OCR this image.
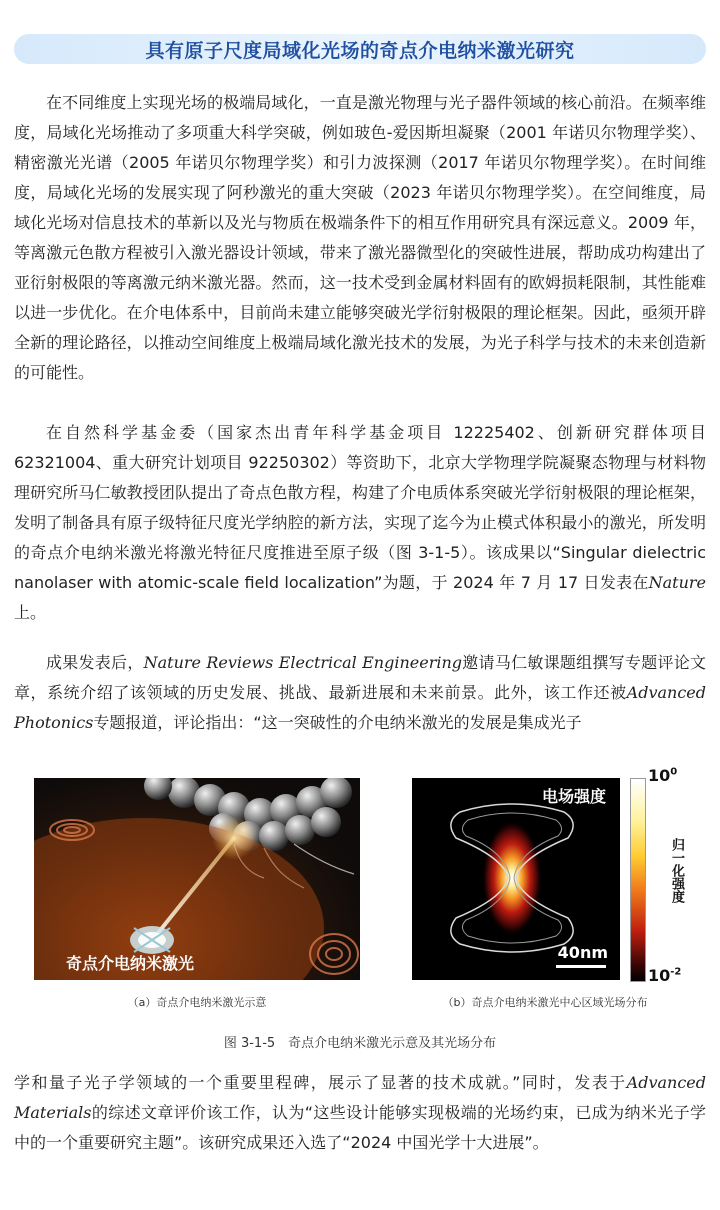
具有原子尺度局域化光场的奇点介电纳米激光研究

在不同维度上实现光场的极端局域化，一直是激光物理与光子器件领域的核心前沿。在频率维度，局域化光场推动了多项重大科学突破，例如玻色-爱因斯坦凝聚（2001 年诺贝尔物理学奖）、精密激光光谱（2005 年诺贝尔物理学奖）和引力波探测（2017 年诺贝尔物理学奖）。在时间维度，局域化光场的发展实现了阿秒激光的重大突破（2023 年诺贝尔物理学奖）。在空间维度，局域化光场对信息技术的革新以及光与物质在极端条件下的相互作用研究具有深远意义。2009 年，等离激元色散方程被引入激光器设计领域，带来了激光器微型化的突破性进展，帮助成功构建出了亚衍射极限的等离激元纳米激光器。然而，这一技术受到金属材料固有的欧姆损耗限制，其性能难以进一步优化。在介电体系中，目前尚未建立能够突破光学衍射极限的理论框架。因此，亟须开辟全新的理论路径，以推动空间维度上极端局域化激光技术的发展，为光子科学与技术的未来创造新的可能性。

在自然科学基金委（国家杰出青年科学基金项目 12225402、创新研究群体项目 62321004、重大研究计划项目 92250302）等资助下，北京大学物理学院凝聚态物理与材料物理研究所马仁敏教授团队提出了奇点色散方程，构建了介电质体系突破光学衍射极限的理论框架，发明了制备具有原子级特征尺度光学纳腔的新方法，实现了迄今为止模式体积最小的激光，所发明的奇点介电纳米激光将激光特征尺度推进至原子级（图 3-1-5）。该成果以“Singular dielectric nanolaser with atomic-scale field localization”为题，于 2024 年 7 月 17 日发表在Nature上。

成果发表后，Nature Reviews Electrical Engineering邀请马仁敏课题组撰写专题评论文章，系统介绍了该领域的历史发展、挑战、最新进展和未来前景。此外，该工作还被Advanced Photonics专题报道，评论指出：“这一突破性的介电纳米激光的发展是集成光子

奇点介电纳米激光
电场强度
40nm
$10^0$
$10^{-2}$
归一化强度
（a）奇点介电纳米激光示意	（b）奇点介电纳米激光中心区域光场分布
图 3-1-5　奇点介电纳米激光示意及其光场分布

学和量子光子学领域的一个重要里程碑，展示了显著的技术成就。”同时，发表于Advanced Materials的综述文章评价该工作，认为“这些设计能够实现极端的光场约束，已成为纳米光子学中的一个重要研究主题”。该研究成果还入选了“2024 中国光学十大进展”。
